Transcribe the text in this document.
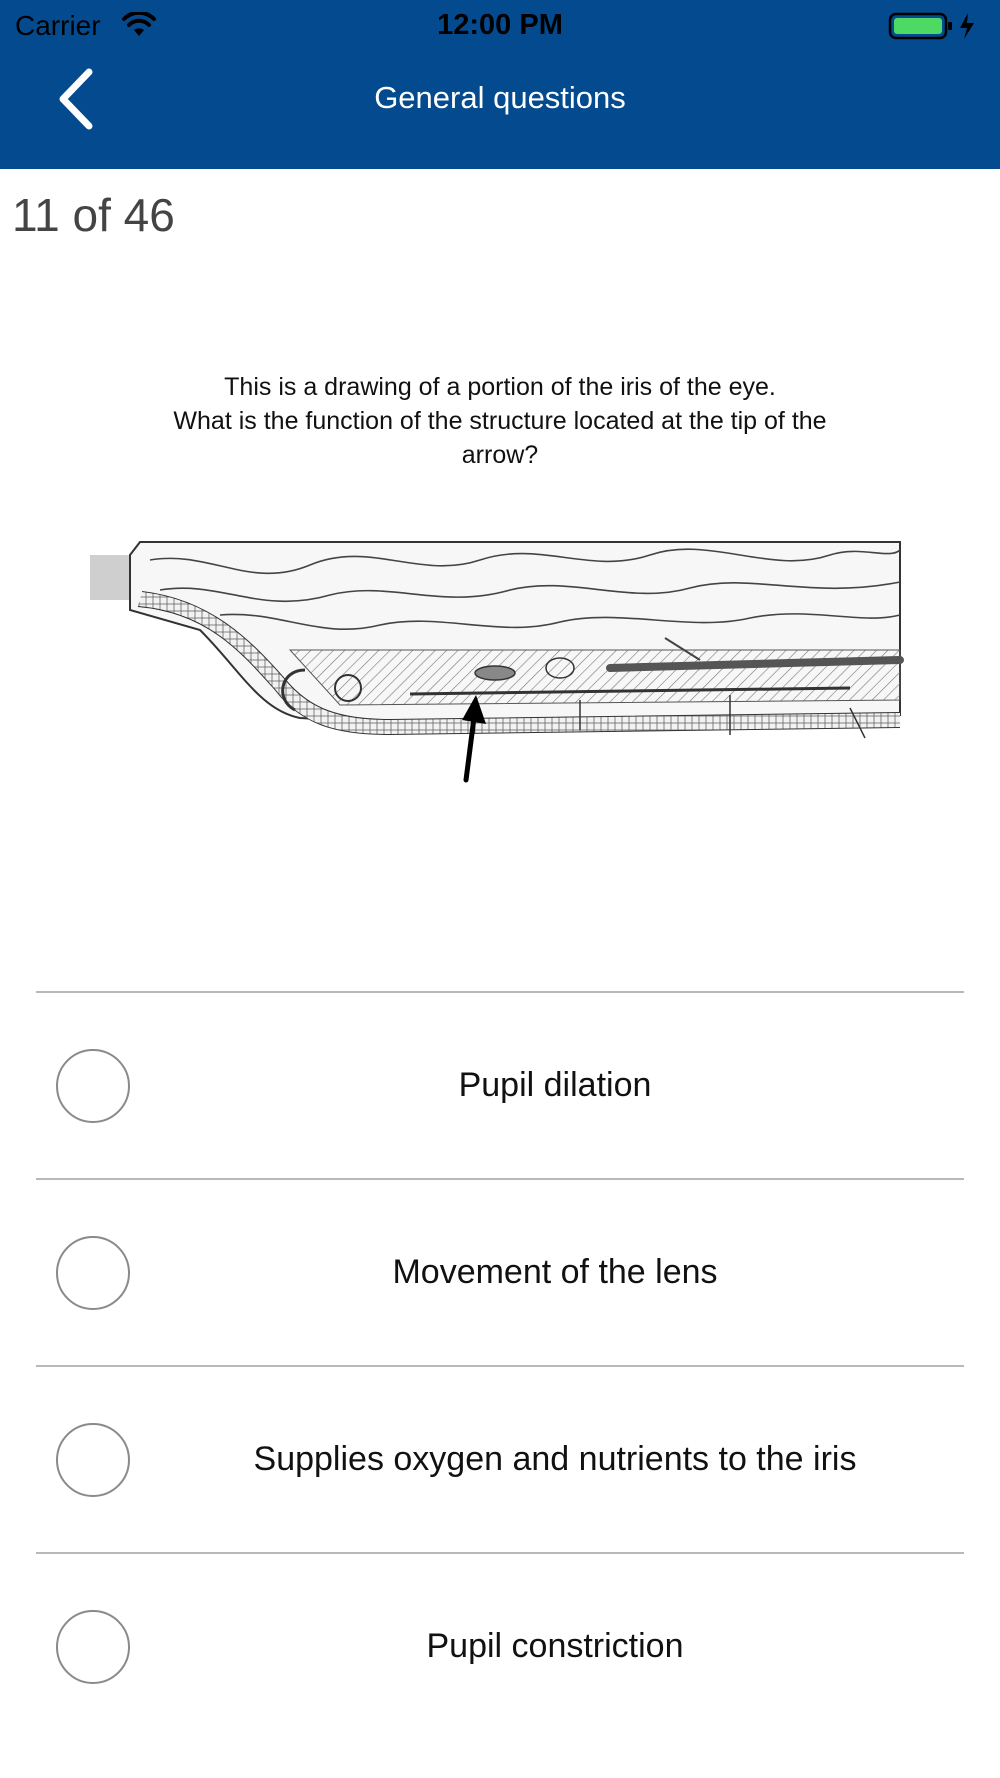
Carrier	12:00 PM
General questions
11 of 46
This is a drawing of a portion of the iris of the eye.
What is the function of the structure located at the tip of the
arrow?
Pupil dilation
Movement of the lens
Supplies oxygen and nutrients to the iris
Pupil constriction
